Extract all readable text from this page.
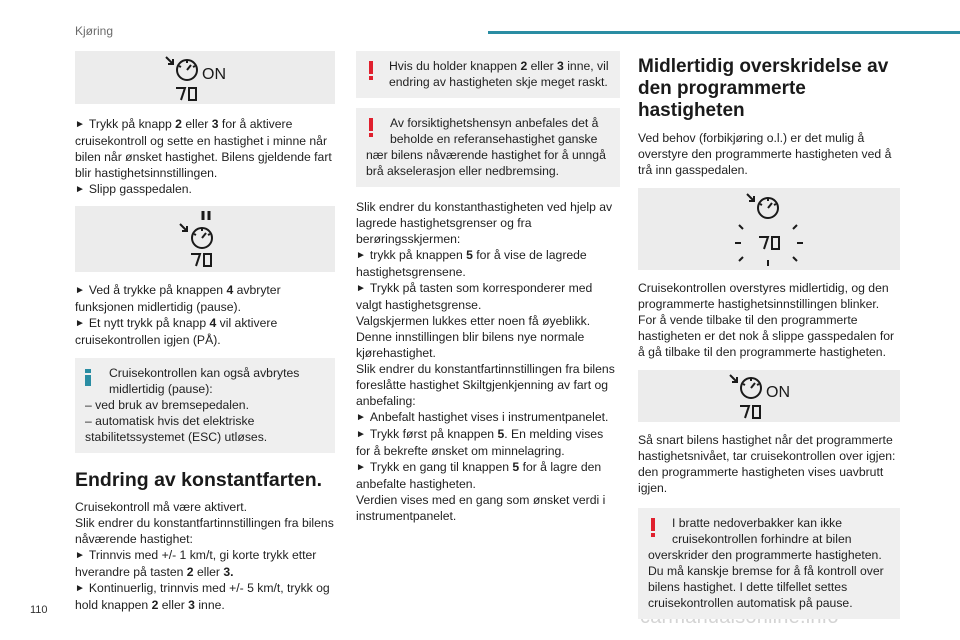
Kjøring
110
ON

► Trykk på knapp 2 eller 3 for å aktivere cruisekontroll og sette en hastighet i minne når bilen når ønsket hastighet. Bilens gjeldende fart blir hastighetsinnstillingen.

► Slipp gasspedalen.

► Ved å trykke på knappen 4 avbryter funksjonen midlertidig (pause).

► Et nytt trykk på knapp 4 vil aktivere cruisekontrollen igjen (PÅ).

Cruisekontrollen kan også avbrytes midlertidig (pause):

– ved bruk av bremsepedalen.

– automatisk hvis det elektriske stabilitetssystemet (ESC) utløses.

Endring av konstantfarten.

Cruisekontroll må være aktivert.

Slik endrer du konstantfartinnstillingen fra bilens nåværende hastighet:

► Trinnvis med +/- 1 km/t, gi korte trykk etter hverandre på tasten 2 eller 3.

► Kontinuerlig, trinnvis med +/- 5 km/t, trykk og hold knappen 2 eller 3 inne.

Hvis du holder knappen 2 eller 3 inne, vil endring av hastigheten skje meget raskt.

Av forsiktighetshensyn anbefales det å beholde en referansehastighet ganske

nær bilens nåværende hastighet for å unngå brå akselerasjon eller nedbremsing.

Slik endrer du konstanthastigheten ved hjelp av lagrede hastighetsgrenser og fra berøringsskjermen:

► trykk på knappen 5 for å vise de lagrede hastighetsgrensene.

► Trykk på tasten som korresponderer med valgt hastighetsgrense.

Valgskjermen lukkes etter noen få øyeblikk. Denne innstillingen blir bilens nye normale kjørehastighet.

Slik endrer du konstantfartinnstillingen fra bilens foreslåtte hastighet Skiltgjenkjenning av fart og anbefaling:

► Anbefalt hastighet vises i instrumentpanelet.

► Trykk først på knappen 5. En melding vises for å bekrefte ønsket om minnelagring.

► Trykk en gang til knappen 5 for å lagre den anbefalte hastigheten.

Verdien vises med en gang som ønsket verdi i instrumentpanelet.

Midlertidig overskridelse av den programmerte hastigheten

Ved behov (forbikjøring o.l.) er det mulig å overstyre den programmerte hastigheten ved å trå inn gasspedalen.

Cruisekontrollen overstyres midlertidig, og den programmerte hastighetsinnstillingen blinker.

For å vende tilbake til den programmerte hastigheten er det nok å slippe gasspedalen for å gå tilbake til den programmerte hastigheten.

ON

Så snart bilens hastighet når det programmerte hastighetsnivået, tar cruisekontrollen over igjen: den programmerte hastigheten vises uavbrutt igjen.

I bratte nedoverbakker kan ikke cruisekontrollen forhindre at bilen

overskrider den programmerte hastigheten. Du må kanskje bremse for å få kontroll over bilens hastighet. I dette tilfellet settes cruisekontrollen automatisk på pause.
